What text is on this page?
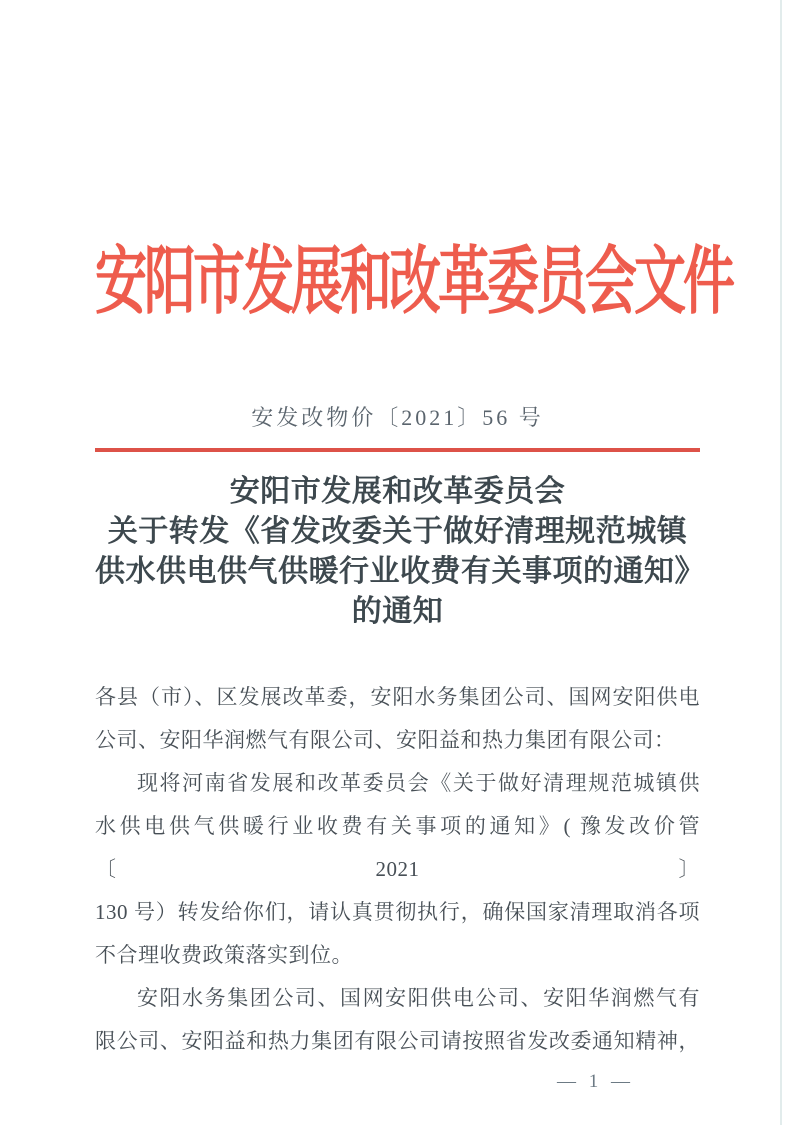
安阳市发展和改革委员会文件
安发改物价〔2021〕56 号
安阳市发展和改革委员会
关于转发《省发改委关于做好清理规范城镇
供水供电供气供暖行业收费有关事项的通知》
的通知
各县（市）、区发展改革委，安阳水务集团公司、国网安阳供电
公司、安阳华润燃气有限公司、安阳益和热力集团有限公司：
现将河南省发展和改革委员会《关于做好清理规范城镇供
水供电供气供暖行业收费有关事项的通知》( 豫发改价管〔2021〕
130 号）转发给你们，请认真贯彻执行，确保国家清理取消各项
不合理收费政策落实到位。
安阳水务集团公司、国网安阳供电公司、安阳华润燃气有
限公司、安阳益和热力集团有限公司请按照省发改委通知精神，
— 1 —
